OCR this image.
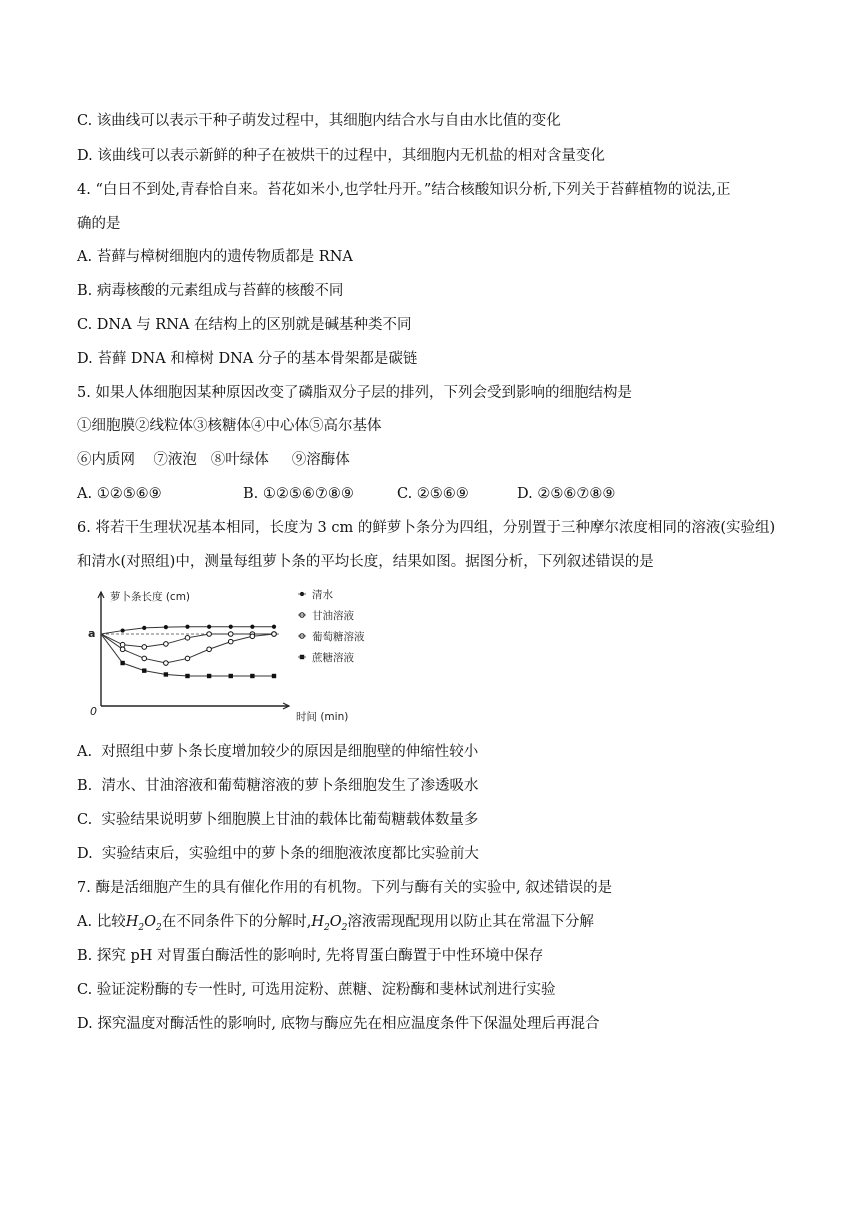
C. 该曲线可以表示干种子萌发过程中，其细胞内结合水与自由水比值的变化
D. 该曲线可以表示新鲜的种子在被烘干的过程中，其细胞内无机盐的相对含量变化
4. “白日不到处,青春恰自来。苔花如米小,也学牡丹开。”结合核酸知识分析,下列关于苔藓植物的说法,正
确的是
A. 苔藓与樟树细胞内的遗传物质都是 RNA
B. 病毒核酸的元素组成与苔藓的核酸不同
C. DNA 与 RNA 在结构上的区别就是碱基种类不同
D. 苔藓 DNA 和樟树 DNA 分子的基本骨架都是碳链
5. 如果人体细胞因某种原因改变了磷脂双分子层的排列，下列会受到影响的细胞结构是
①细胞膜②线粒体③核糖体④中心体⑤高尔基体
⑥内质网    ⑦液泡   ⑧叶绿体     ⑨溶酶体
A. ①②⑤⑥⑨	B. ①②⑤⑥⑦⑧⑨	C. ②⑤⑥⑨	D. ②⑤⑥⑦⑧⑨
6. 将若干生理状况基本相同，长度为 3 cm 的鲜萝卜条分为四组，分别置于三种摩尔浓度相同的溶液(实验组)
和清水(对照组)中，测量每组萝卜条的平均长度，结果如图。据图分析，下列叙述错误的是
萝卜条长度 (cm)
时间 (min)
a
0
清水
甘油溶液
葡萄糖溶液
蔗糖溶液
A.  对照组中萝卜条长度增加较少的原因是细胞壁的伸缩性较小
B.  清水、甘油溶液和葡萄糖溶液的萝卜条细胞发生了渗透吸水
C.  实验结果说明萝卜细胞膜上甘油的载体比葡萄糖载体数量多
D.  实验结束后，实验组中的萝卜条的细胞液浓度都比实验前大
7. 酶是活细胞产生的具有催化作用的有机物。下列与酶有关的实验中, 叙述错误的是
A. 比较$H_2O_2$在不同条件下的分解时$,H_2O_2$溶液需现配现用以防止其在常温下分解
B. 探究 pH 对胃蛋白酶活性的影响时, 先将胃蛋白酶置于中性环境中保存
C. 验证淀粉酶的专一性时, 可选用淀粉、蔗糖、淀粉酶和斐林试剂进行实验
D. 探究温度对酶活性的影响时, 底物与酶应先在相应温度条件下保温处理后再混合
